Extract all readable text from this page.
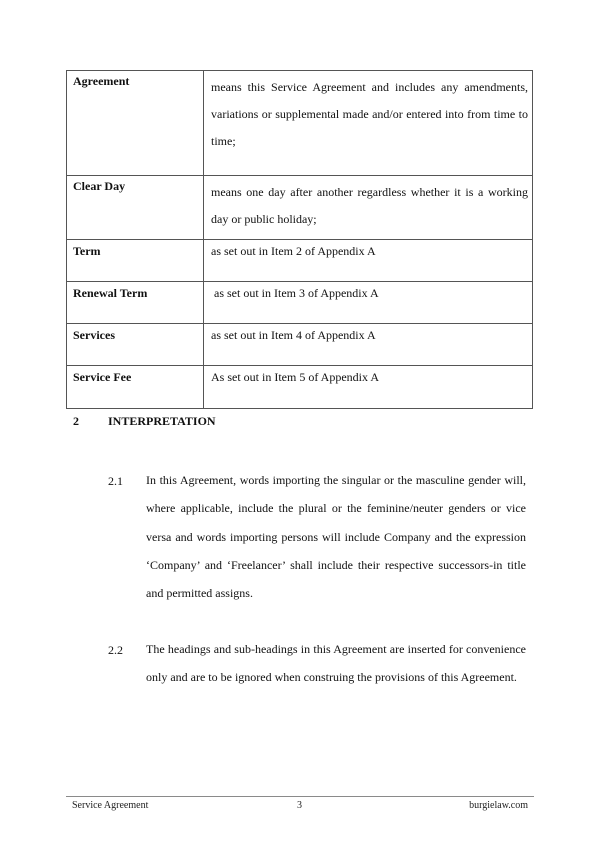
Agreement	means this Service Agreement and includes any amendments, variations or supplemental made and/or entered into from time to time;

Clear Day	means one day after another regardless whether it is a working day or public holiday;

Term	as set out in Item 2 of Appendix A

Renewal Term	as set out in Item 3 of Appendix A

Services	as set out in Item 4 of Appendix A

Service Fee	As set out in Item 5 of Appendix A
2 INTERPRETATION
2.1 In this Agreement, words importing the singular or the masculine gender will, where applicable, include the plural or the feminine/neuter genders or vice versa and words importing persons will include Company and the expression ‘Company’ and ‘Freelancer’ shall include their respective successors-in title and permitted assigns.
2.2 The headings and sub-headings in this Agreement are inserted for convenience only and are to be ignored when construing the provisions of this Agreement.
Service Agreement	3	burgielaw.com
